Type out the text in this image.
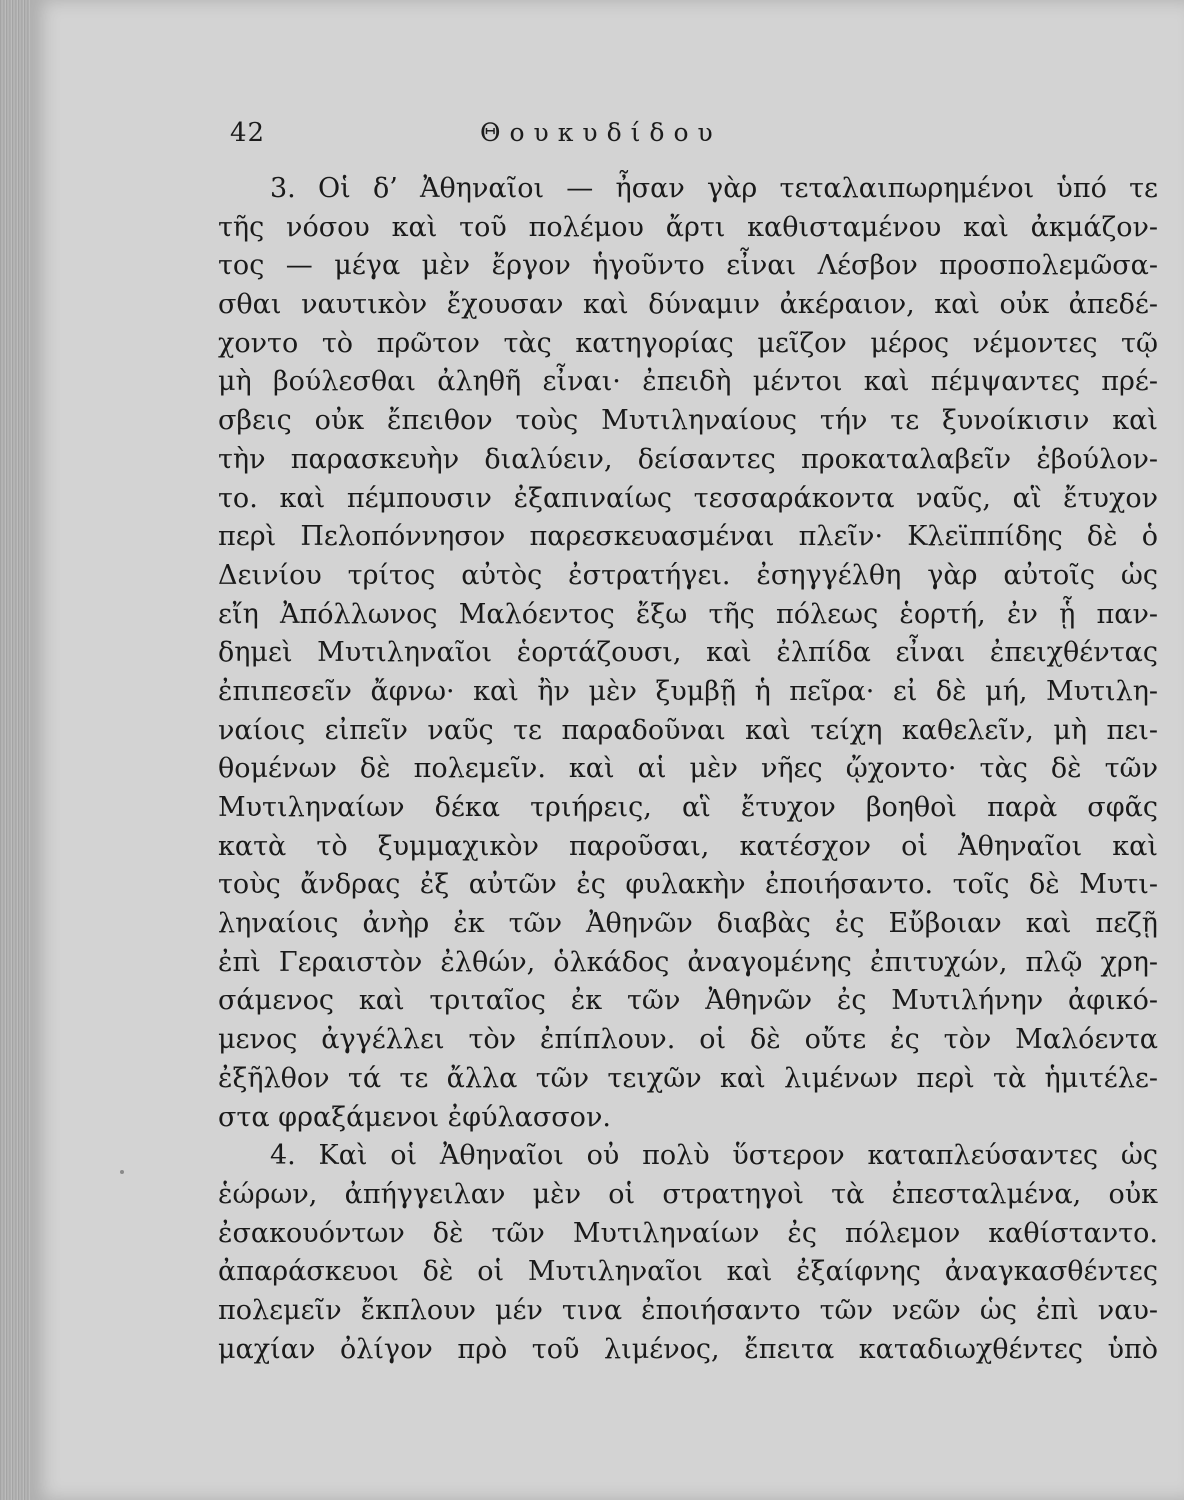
42	Θουκυδίδου
3. Οἱ δ’ Ἀθηναῖοι — ἦσαν γὰρ τεταλαιπωρημένοι ὑπό τε
τῆς νόσου καὶ τοῦ πολέμου ἄρτι καθισταμένου καὶ ἀκμάζον-
τος — μέγα μὲν ἔργον ἡγοῦντο εἶναι Λέσβον προσπολεμῶσα-
σθαι ναυτικὸν ἔχουσαν καὶ δύναμιν ἀκέραιον, καὶ οὐκ ἀπεδέ-
χοντο τὸ πρῶτον τὰς κατηγορίας μεῖζον μέρος νέμοντες τῷ
μὴ βούλεσθαι ἀληθῆ εἶναι· ἐπειδὴ μέντοι καὶ πέμψαντες πρέ-
σβεις οὐκ ἔπειθον τοὺς Μυτιληναίους τήν τε ξυνοίκισιν καὶ
τὴν παρασκευὴν διαλύειν, δείσαντες προκαταλαβεῖν ἐβούλον-
το. καὶ πέμπουσιν ἐξαπιναίως τεσσαράκοντα ναῦς, αἳ ἔτυχον
περὶ Πελοπόννησον παρεσκευασμέναι πλεῖν· Κλεϊππίδης δὲ ὁ
Δεινίου τρίτος αὐτὸς ἐστρατήγει. ἐσηγγέλθη γὰρ αὐτοῖς ὡς
εἴη Ἀπόλλωνος Μαλόεντος ἔξω τῆς πόλεως ἑορτή, ἐν ᾗ παν-
δημεὶ Μυτιληναῖοι ἑορτάζουσι, καὶ ἐλπίδα εἶναι ἐπειχθέντας
ἐπιπεσεῖν ἄφνω· καὶ ἢν μὲν ξυμβῇ ἡ πεῖρα· εἰ δὲ μή, Μυτιλη-
ναίοις εἰπεῖν ναῦς τε παραδοῦναι καὶ τείχη καθελεῖν, μὴ πει-
θομένων δὲ πολεμεῖν. καὶ αἱ μὲν νῆες ᾤχοντο· τὰς δὲ τῶν
Μυτιληναίων δέκα τριήρεις, αἳ ἔτυχον βοηθοὶ παρὰ σφᾶς
κατὰ τὸ ξυμμαχικὸν παροῦσαι, κατέσχον οἱ Ἀθηναῖοι καὶ
τοὺς ἄνδρας ἐξ αὐτῶν ἐς φυλακὴν ἐποιήσαντο. τοῖς δὲ Μυτι-
ληναίοις ἀνὴρ ἐκ τῶν Ἀθηνῶν διαβὰς ἐς Εὔβοιαν καὶ πεζῇ
ἐπὶ Γεραιστὸν ἐλθών, ὁλκάδος ἀναγομένης ἐπιτυχών, πλῷ χρη-
σάμενος καὶ τριταῖος ἐκ τῶν Ἀθηνῶν ἐς Μυτιλήνην ἀφικό-
μενος ἀγγέλλει τὸν ἐπίπλουν. οἱ δὲ οὔτε ἐς τὸν Μαλόεντα
ἐξῆλθον τά τε ἄλλα τῶν τειχῶν καὶ λιμένων περὶ τὰ ἡμιτέλε-
στα φραξάμενοι ἐφύλασσον.
4. Καὶ οἱ Ἀθηναῖοι οὐ πολὺ ὕστερον καταπλεύσαντες ὡς
ἑώρων, ἀπήγγειλαν μὲν οἱ στρατηγοὶ τὰ ἐπεσταλμένα, οὐκ
ἐσακουόντων δὲ τῶν Μυτιληναίων ἐς πόλεμον καθίσταντο.
ἀπαράσκευοι δὲ οἱ Μυτιληναῖοι καὶ ἐξαίφνης ἀναγκασθέντες
πολεμεῖν ἔκπλουν μέν τινα ἐποιήσαντο τῶν νεῶν ὡς ἐπὶ ναυ-
μαχίαν ὀλίγον πρὸ τοῦ λιμένος, ἔπειτα καταδιωχθέντες ὑπὸ
